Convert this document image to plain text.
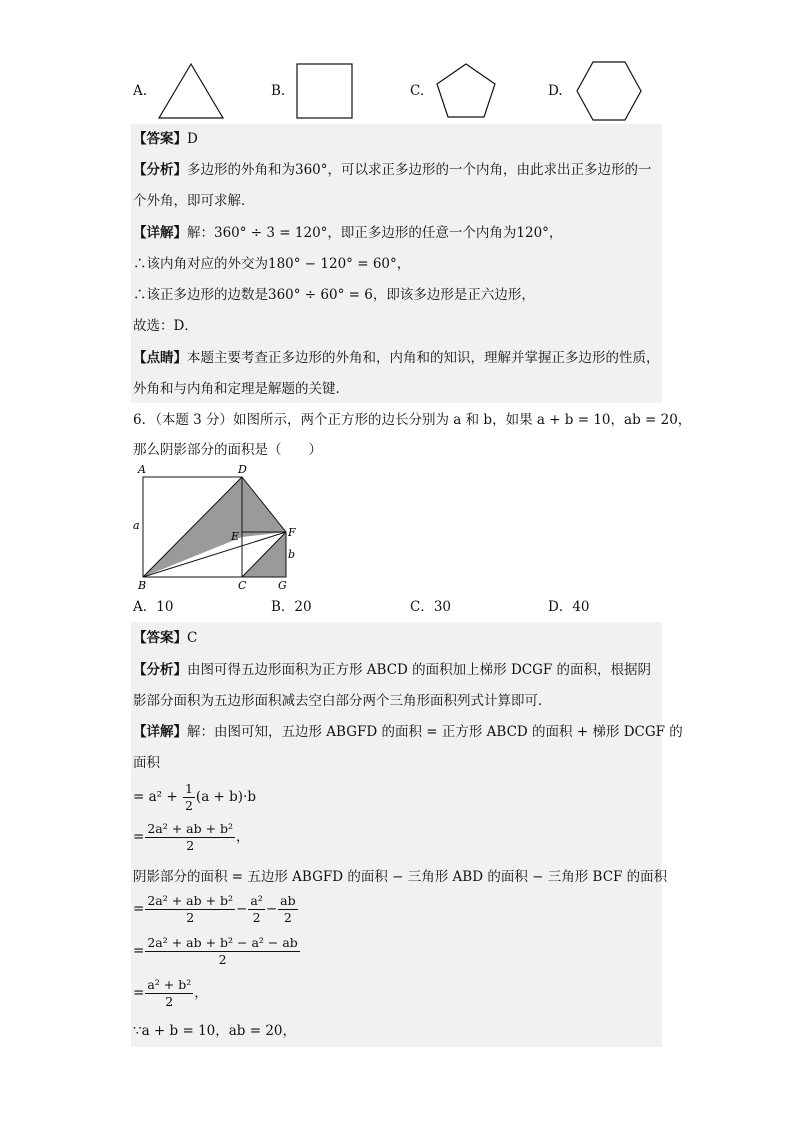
A.	B.	C.	D.
【答案】D
【分析】多边形的外角和为360°，可以求正多边形的一个内角，由此求出正多边形的一
个外角，即可求解．
【详解】解：360° ÷ 3 = 120°，即正多边形的任意一个内角为120°，
∴该内角对应的外交为180° − 120° = 60°，
∴该正多边形的边数是360° ÷ 60° = 6，即该多边形是正六边形，
故选：D．
【点睛】本题主要考查正多边形的外角和，内角和的知识，理解并掌握正多边形的性质，
外角和与内角和定理是解题的关键．
6．（本题 3 分）如图所示，两个正方形的边长分别为 a 和 b，如果 a + b = 10，ab = 20，
那么阴影部分的面积是（　　）
A	D
E	F
B	C	G
a
b
A．10	B．20	C．30	D．40
【答案】C
【分析】由图可得五边形面积为正方形 ABCD 的面积加上梯形 DCGF 的面积，根据阴
影部分面积为五边形面积减去空白部分两个三角形面积列式计算即可．
【详解】解：由图可知，五边形 ABGFD 的面积 = 正方形 ABCD 的面积 + 梯形 DCGF 的
面积
= $a^2 + \frac{1}{2} (a + b)\cdot b$
= $\frac{\text{2a² + ab + b²}}{2}$ ，
阴影部分的面积 = 五边形 ABGFD 的面积 − 三角形 ABD 的面积 − 三角形 BCF 的面积
= $\frac{\text{2a² + ab + b²}}{2} - \frac{\text{a²}}{2} - \frac{ab}{2}$
= $\frac{\text{2a² + ab + b² − a² − ab}}{2}$
= $\frac{\text{a² + b²}}{2}$ ，
∵a + b = 10，ab = 20，
